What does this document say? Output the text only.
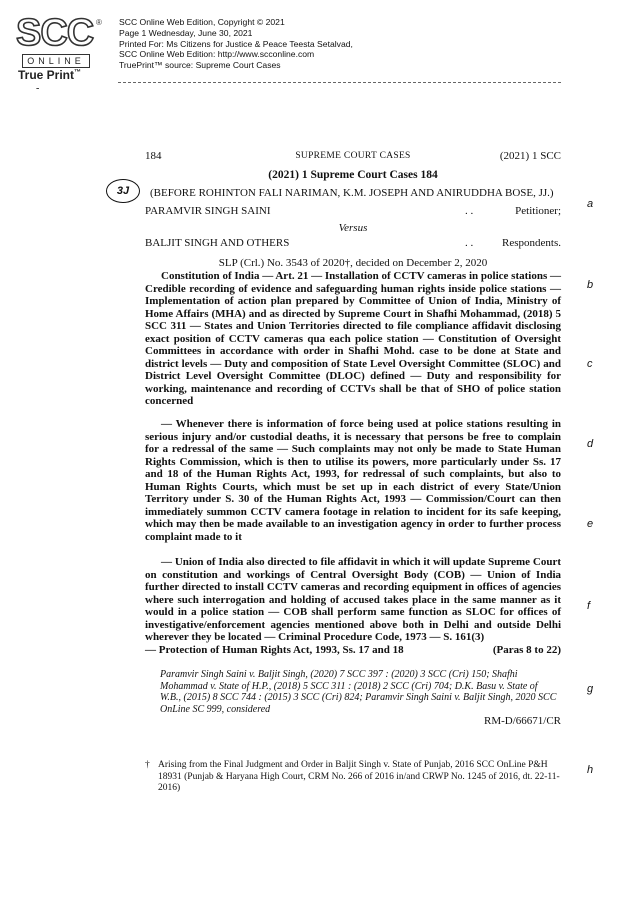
SCC ®
ONLINE
True Print™
SCC Online Web Edition, Copyright © 2021
Page 1 Wednesday, June 30, 2021
Printed For: Ms Citizens for Justice & Peace Teesta Setalvad,
SCC Online Web Edition: http://www.scconline.com
TruePrint™ source: Supreme Court Cases
-
184	SUPREME COURT CASES	(2021) 1 SCC
(2021) 1 Supreme Court Cases 184
3J	(BEFORE ROHINTON FALI NARIMAN, K.M. JOSEPH AND ANIRUDDHA BOSE, JJ.)
PARAMVIR SINGH SAINI	. .	Petitioner;
Versus
BALJIT SINGH AND OTHERS	. .	Respondents.
SLP (Crl.) No. 3543 of 2020†, decided on December 2, 2020

Constitution of India — Art. 21 — Installation of CCTV cameras in police stations — Credible recording of evidence and safeguarding human rights inside police stations — Implementation of action plan prepared by Committee of Union of India, Ministry of Home Affairs (MHA) and as directed by Supreme Court in Shafhi Mohammad, (2018) 5 SCC 311 — States and Union Territories directed to file compliance affidavit disclosing exact position of CCTV cameras qua each police station — Constitution of Oversight Committees in accordance with order in Shafhi Mohd. case to be done at State and district levels — Duty and composition of State Level Oversight Committee (SLOC) and District Level Oversight Committee (DLOC) defined — Duty and responsibility for working, maintenance and recording of CCTVs shall be that of SHO of police station concerned

— Whenever there is information of force being used at police stations resulting in serious injury and/or custodial deaths, it is necessary that persons be free to complain for a redressal of the same — Such complaints may not only be made to State Human Rights Commission, which is then to utilise its powers, more particularly under Ss. 17 and 18 of the Human Rights Act, 1993, for redressal of such complaints, but also to Human Rights Courts, which must be set up in each district of every State/Union Territory under S. 30 of the Human Rights Act, 1993 — Commission/Court can then immediately summon CCTV camera footage in relation to incident for its safe keeping, which may then be made available to an investigation agency in order to further process complaint made to it

— Union of India also directed to file affidavit in which it will update Supreme Court on constitution and workings of Central Oversight Body (COB) — Union of India further directed to install CCTV cameras and recording equipment in offices of agencies where such interrogation and holding of accused takes place in the same manner as it would in a police station — COB shall perform same function as SLOC for offices of investigative/enforcement agencies mentioned above both in Delhi and outside Delhi wherever they be located — Criminal Procedure Code, 1973 — S. 161(3)

— Protection of Human Rights Act, 1993, Ss. 17 and 18	(Paras 8 to 22)
Paramvir Singh Saini v. Baljit Singh, (2020) 7 SCC 397 : (2020) 3 SCC (Cri) 150; Shafhi Mohammad v. State of H.P., (2018) 5 SCC 311 : (2018) 2 SCC (Cri) 704; D.K. Basu v. State of W.B., (2015) 8 SCC 744 : (2015) 3 SCC (Cri) 824; Paramvir Singh Saini v. Baljit Singh, 2020 SCC OnLine SC 999, considered
RM-D/66671/CR
† Arising from the Final Judgment and Order in Baljit Singh v. State of Punjab, 2016 SCC OnLine P&H 18931 (Punjab & Haryana High Court, CRM No. 266 of 2016 in/and CRWP No. 1245 of 2016, dt. 22-11-2016)
a
b
c
d
e
f
g
h
